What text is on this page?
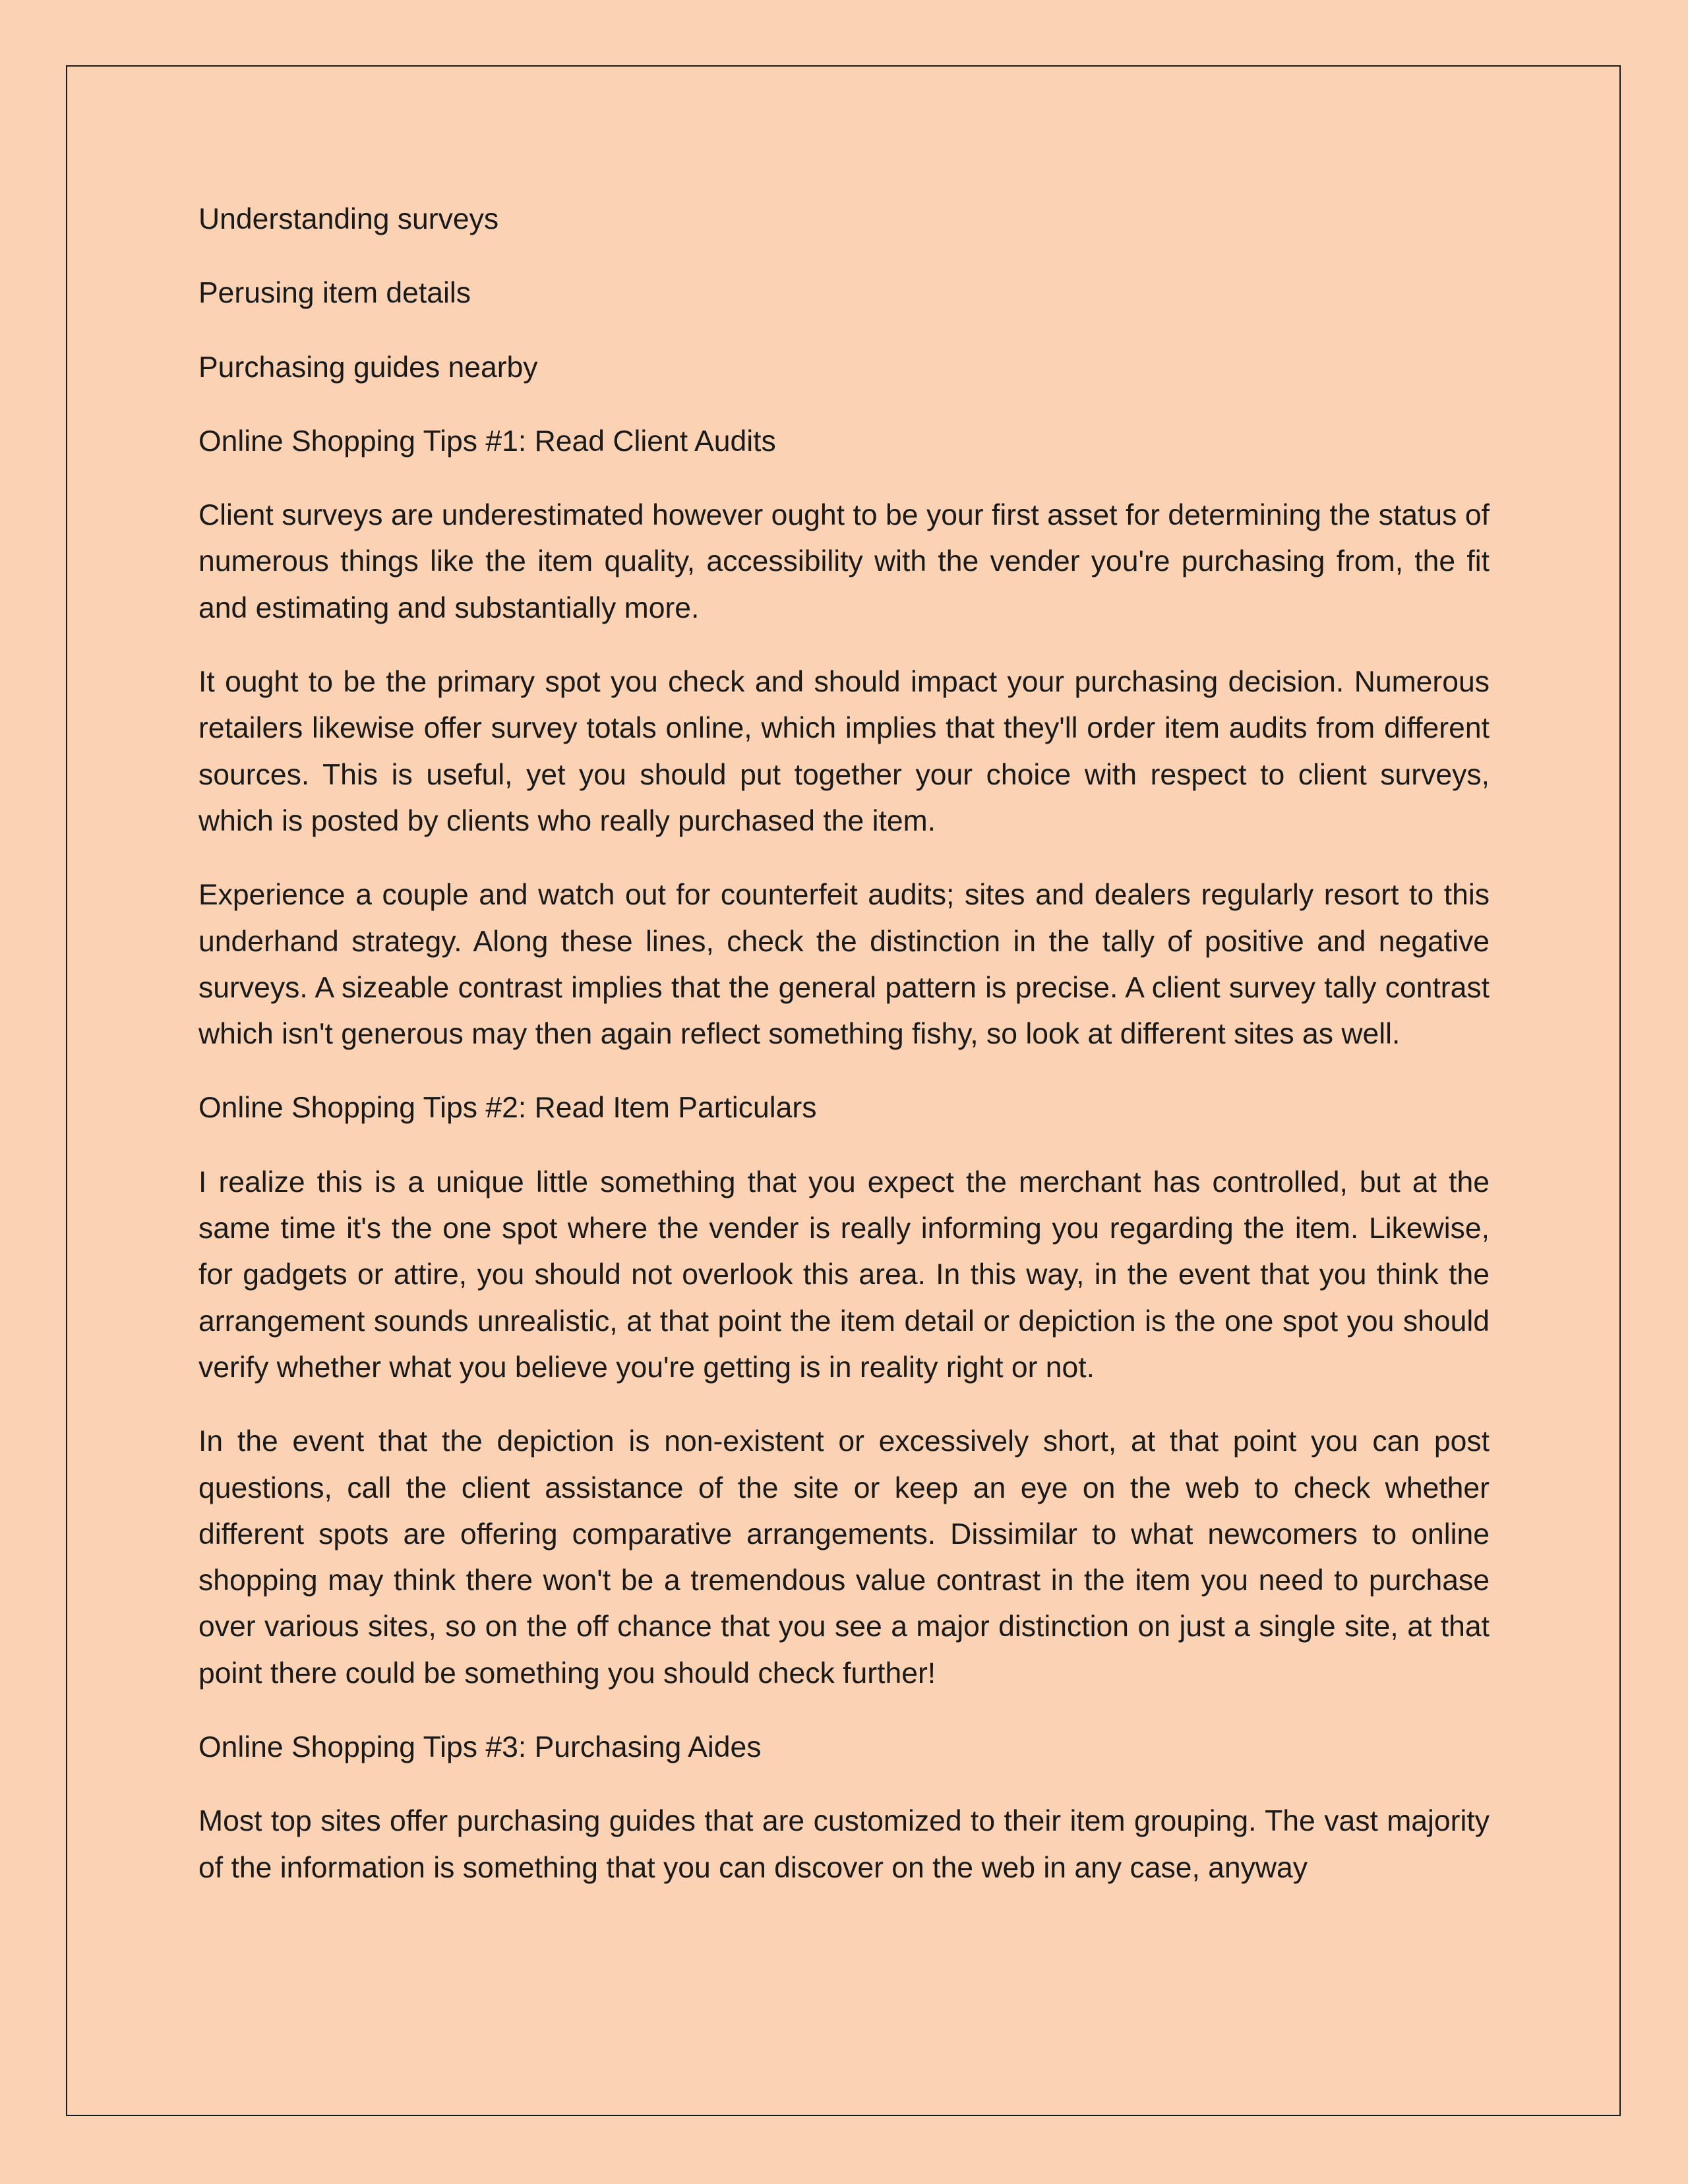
Understanding surveys

Perusing item details

Purchasing guides nearby

Online Shopping Tips #1: Read Client Audits

Client surveys are underestimated however ought to be your first asset for determining the status of numerous things like the item quality, accessibility with the vender you're purchasing from, the fit and estimating and substantially more.

It ought to be the primary spot you check and should impact your purchasing decision. Numerous retailers likewise offer survey totals online, which implies that they'll order item audits from different sources. This is useful, yet you should put together your choice with respect to client surveys, which is posted by clients who really purchased the item.

Experience a couple and watch out for counterfeit audits; sites and dealers regularly resort to this underhand strategy. Along these lines, check the distinction in the tally of positive and negative surveys. A sizeable contrast implies that the general pattern is precise. A client survey tally contrast which isn't generous may then again reflect something fishy, so look at different sites as well.

Online Shopping Tips #2: Read Item Particulars

I realize this is a unique little something that you expect the merchant has controlled, but at the same time it's the one spot where the vender is really informing you regarding the item. Likewise, for gadgets or attire, you should not overlook this area. In this way, in the event that you think the arrangement sounds unrealistic, at that point the item detail or depiction is the one spot you should verify whether what you believe you're getting is in reality right or not.

In the event that the depiction is non-existent or excessively short, at that point you can post questions, call the client assistance of the site or keep an eye on the web to check whether different spots are offering comparative arrangements. Dissimilar to what newcomers to online shopping may think there won't be a tremendous value contrast in the item you need to purchase over various sites, so on the off chance that you see a major distinction on just a single site, at that point there could be something you should check further!

Online Shopping Tips #3: Purchasing Aides

Most top sites offer purchasing guides that are customized to their item grouping. The vast majority of the information is something that you can discover on the web in any case, anyway
